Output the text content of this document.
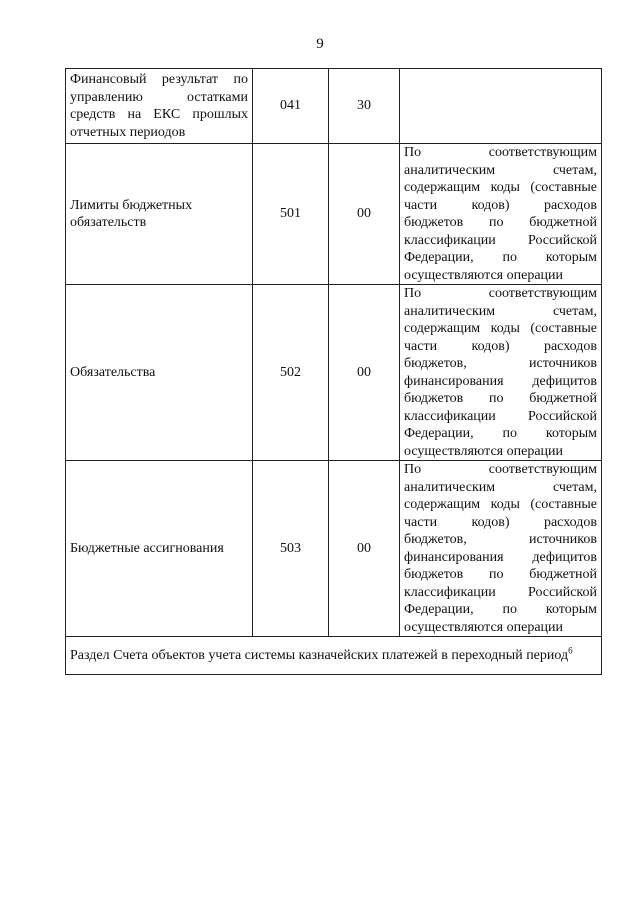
9
Финансовый результат по управлению остатками средств на ЕКС прошлых отчетных периодов	041	30	
Лимиты бюджетных обязательств	501	00	По соответствующим аналитическим счетам, содержащим коды (составные части кодов) расходов бюджетов по бюджетной классификации Российской Федерации, по которым осуществляются операции
Обязательства	502	00	По соответствующим аналитическим счетам, содержащим коды (составные части кодов) расходов бюджетов, источников финансирования дефицитов бюджетов по бюджетной классификации Российской Федерации, по которым осуществляются операции
Бюджетные ассигнования	503	00	По соответствующим аналитическим счетам, содержащим коды (составные части кодов) расходов бюджетов, источников финансирования дефицитов бюджетов по бюджетной классификации Российской Федерации, по которым осуществляются операции
Раздел Счета объектов учета системы казначейских платежей в переходный период$^6$
